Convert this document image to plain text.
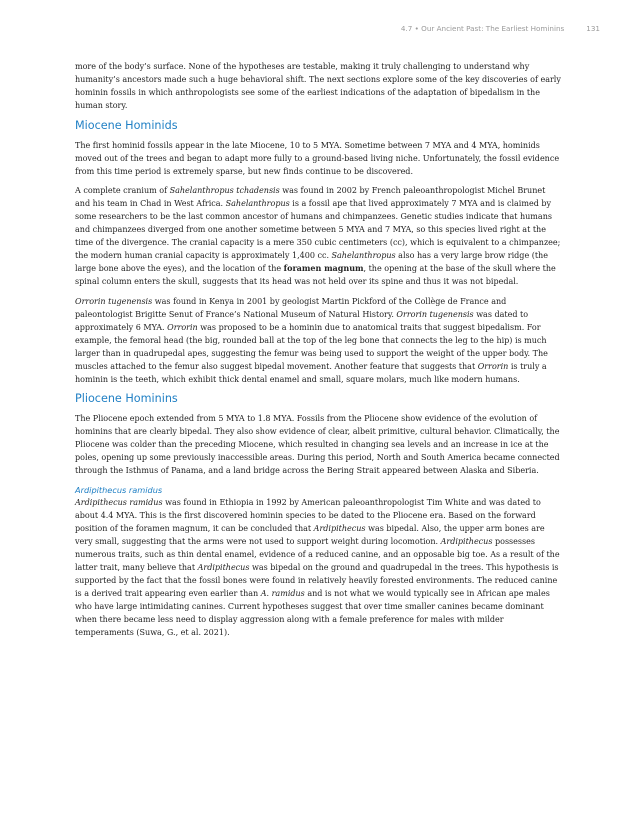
4.7 • Our Ancient Past: The Earliest Hominins	131

more of the body’s surface. None of the hypotheses are testable, making it truly challenging to understand why humanity’s ancestors made such a huge behavioral shift. The next sections explore some of the key discoveries of early hominin fossils in which anthropologists see some of the earliest indications of the adaptation of bipedalism in the human story.

Miocene Hominids

The first hominid fossils appear in the late Miocene, 10 to 5 MYA. Sometime between 7 MYA and 4 MYA, hominids moved out of the trees and began to adapt more fully to a ground-based living niche. Unfortunately, the fossil evidence from this time period is extremely sparse, but new finds continue to be discovered.

A complete cranium of Sahelanthropus tchadensis was found in 2002 by French paleoanthropologist Michel Brunet and his team in Chad in West Africa. Sahelanthropus is a fossil ape that lived approximately 7 MYA and is claimed by some researchers to be the last common ancestor of humans and chimpanzees. Genetic studies indicate that humans and chimpanzees diverged from one another sometime between 5 MYA and 7 MYA, so this species lived right at the time of the divergence. The cranial capacity is a mere 350 cubic centimeters (cc), which is equivalent to a chimpanzee; the modern human cranial capacity is approximately 1,400 cc. Sahelanthropus also has a very large brow ridge (the large bone above the eyes), and the location of the foramen magnum, the opening at the base of the skull where the spinal column enters the skull, suggests that its head was not held over its spine and thus it was not bipedal.

Orrorin tugenensis was found in Kenya in 2001 by geologist Martin Pickford of the Collège de France and paleontologist Brigitte Senut of France’s National Museum of Natural History. Orrorin tugenensis was dated to approximately 6 MYA. Orrorin was proposed to be a hominin due to anatomical traits that suggest bipedalism. For example, the femoral head (the big, rounded ball at the top of the leg bone that connects the leg to the hip) is much larger than in quadrupedal apes, suggesting the femur was being used to support the weight of the upper body. The muscles attached to the femur also suggest bipedal movement. Another feature that suggests that Orrorin is truly a hominin is the teeth, which exhibit thick dental enamel and small, square molars, much like modern humans.

Pliocene Hominins

The Pliocene epoch extended from 5 MYA to 1.8 MYA. Fossils from the Pliocene show evidence of the evolution of hominins that are clearly bipedal. They also show evidence of clear, albeit primitive, cultural behavior. Climatically, the Pliocene was colder than the preceding Miocene, which resulted in changing sea levels and an increase in ice at the poles, opening up some previously inaccessible areas. During this period, North and South America became connected through the Isthmus of Panama, and a land bridge across the Bering Strait appeared between Alaska and Siberia.

Ardipithecus ramidus

Ardipithecus ramidus was found in Ethiopia in 1992 by American paleoanthropologist Tim White and was dated to about 4.4 MYA. This is the first discovered hominin species to be dated to the Pliocene era. Based on the forward position of the foramen magnum, it can be concluded that Ardipithecus was bipedal. Also, the upper arm bones are very small, suggesting that the arms were not used to support weight during locomotion. Ardipithecus possesses numerous traits, such as thin dental enamel, evidence of a reduced canine, and an opposable big toe. As a result of the latter trait, many believe that Ardipithecus was bipedal on the ground and quadrupedal in the trees. This hypothesis is supported by the fact that the fossil bones were found in relatively heavily forested environments. The reduced canine is a derived trait appearing even earlier than A. ramidus and is not what we would typically see in African ape males who have large intimidating canines. Current hypotheses suggest that over time smaller canines became dominant when there became less need to display aggression along with a female preference for males with milder temperaments (Suwa, G., et al. 2021).
